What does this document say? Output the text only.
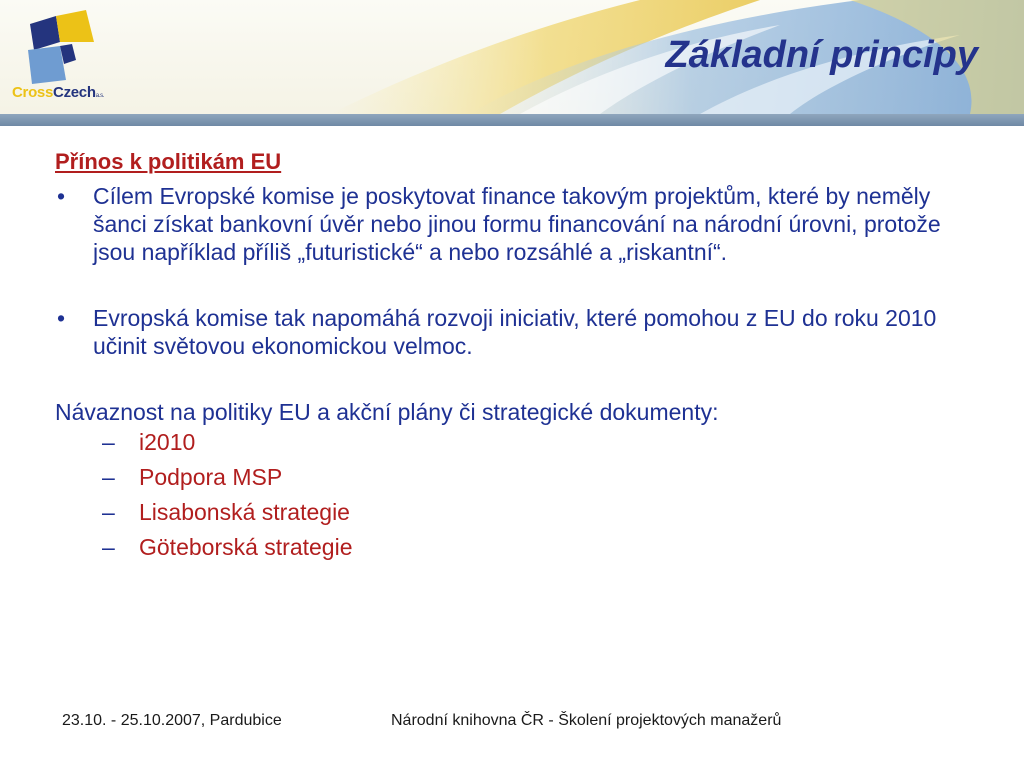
CrossCzecha.s.
Základní principy
Přínos k politikám EU
• Cílem Evropské komise je poskytovat finance takovým projektům, které by neměly šanci získat bankovní úvěr nebo jinou formu financování na národní úrovni, protože jsou například příliš „futuristické“ a nebo rozsáhlé a „riskantní“.
• Evropská komise tak napomáhá rozvoji iniciativ, které pomohou z EU do roku 2010 učinit světovou ekonomickou velmoc.
Návaznost na politiky EU a akční plány či strategické dokumenty:
– i2010
– Podpora MSP
– Lisabonská strategie
– Göteborská strategie
23.10. - 25.10.2007, Pardubice	Národní knihovna ČR - Školení projektových manažerů
